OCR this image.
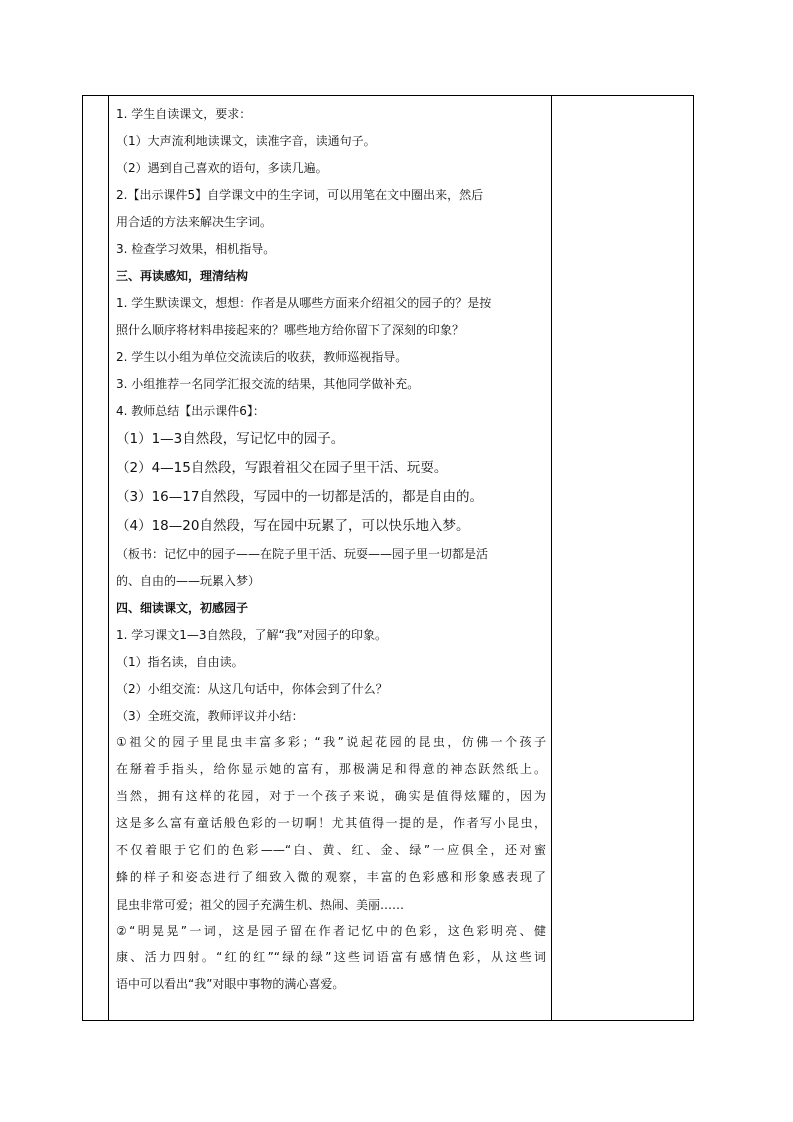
1. 学生自读课文，要求：
（1）大声流利地读课文，读准字音，读通句子。
（2）遇到自己喜欢的语句，多读几遍。
2.【出示课件5】自学课文中的生字词，可以用笔在文中圈出来，然后
用合适的方法来解决生字词。
3. 检查学习效果，相机指导。
三、再读感知，理清结构
1. 学生默读课文，想想：作者是从哪些方面来介绍祖父的园子的？是按
照什么顺序将材料串接起来的？哪些地方给你留下了深刻的印象？
2. 学生以小组为单位交流读后的收获，教师巡视指导。
3. 小组推荐一名同学汇报交流的结果，其他同学做补充。
4. 教师总结【出示课件6】：
（1）1—3自然段，写记忆中的园子。
（2）4—15自然段，写跟着祖父在园子里干活、玩耍。
（3）16—17自然段，写园中的一切都是活的，都是自由的。
（4）18—20自然段，写在园中玩累了，可以快乐地入梦。
（板书：记忆中的园子——在院子里干活、玩耍——园子里一切都是活
的、自由的——玩累入梦）
四、细读课文，初感园子
1. 学习课文1—3自然段，了解“我”对园子的印象。
（1）指名读，自由读。
（2）小组交流：从这几句话中，你体会到了什么？
（3）全班交流，教师评议并小结：
①祖父的园子里昆虫丰富多彩；“我”说起花园的昆虫，仿佛一个孩子
在掰着手指头，给你显示她的富有，那极满足和得意的神态跃然纸上。
当然，拥有这样的花园，对于一个孩子来说，确实是值得炫耀的，因为
这是多么富有童话般色彩的一切啊！尤其值得一提的是，作者写小昆虫，
不仅着眼于它们的色彩——“白、黄、红、金、绿”一应俱全，还对蜜
蜂的样子和姿态进行了细致入微的观察，丰富的色彩感和形象感表现了
昆虫非常可爱；祖父的园子充满生机、热闹、美丽……
②“明晃晃”一词，这是园子留在作者记忆中的色彩，这色彩明亮、健
康、活力四射。“红的红”“绿的绿”这些词语富有感情色彩，从这些词
语中可以看出“我”对眼中事物的满心喜爱。
